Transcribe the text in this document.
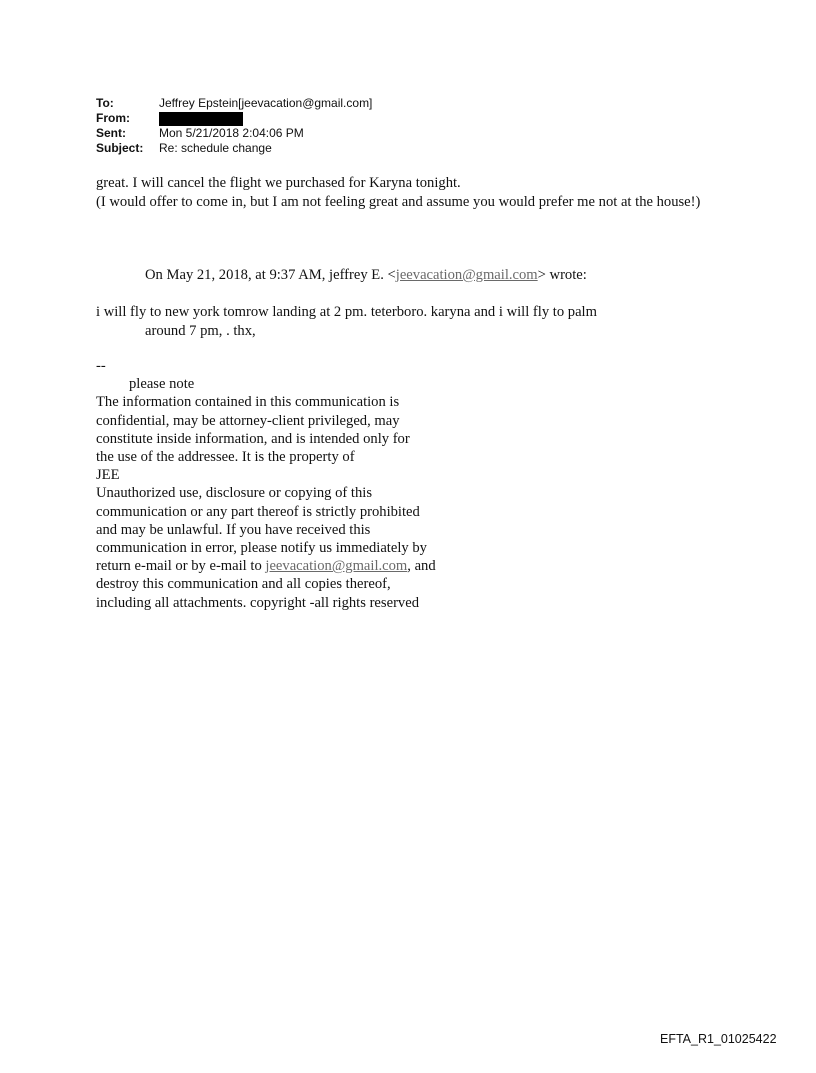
To:	Jeffrey Epstein[jeevacation@gmail.com]
From:
Sent:	Mon 5/21/2018 2:04:06 PM
Subject:	Re: schedule change

great. I will cancel the flight we purchased for Karyna tonight.

(I would offer to come in, but I am not feeling great and assume you would prefer me not at the house!)

On May 21, 2018, at 9:37 AM, jeffrey E. <jeevacation@gmail.com> wrote:

i will fly to new york tomrow landing at 2 pm. teterboro. karyna and i will fly to palm

around 7 pm, . thx,

--

please note

The information contained in this communication is

confidential, may be attorney-client privileged, may

constitute inside information, and is intended only for

the use of the addressee. It is the property of

JEE

Unauthorized use, disclosure or copying of this

communication or any part thereof is strictly prohibited

and may be unlawful. If you have received this

communication in error, please notify us immediately by

return e-mail or by e-mail to jeevacation@gmail.com, and

destroy this communication and all copies thereof,

including all attachments. copyright -all rights reserved

EFTA_R1_01025422
